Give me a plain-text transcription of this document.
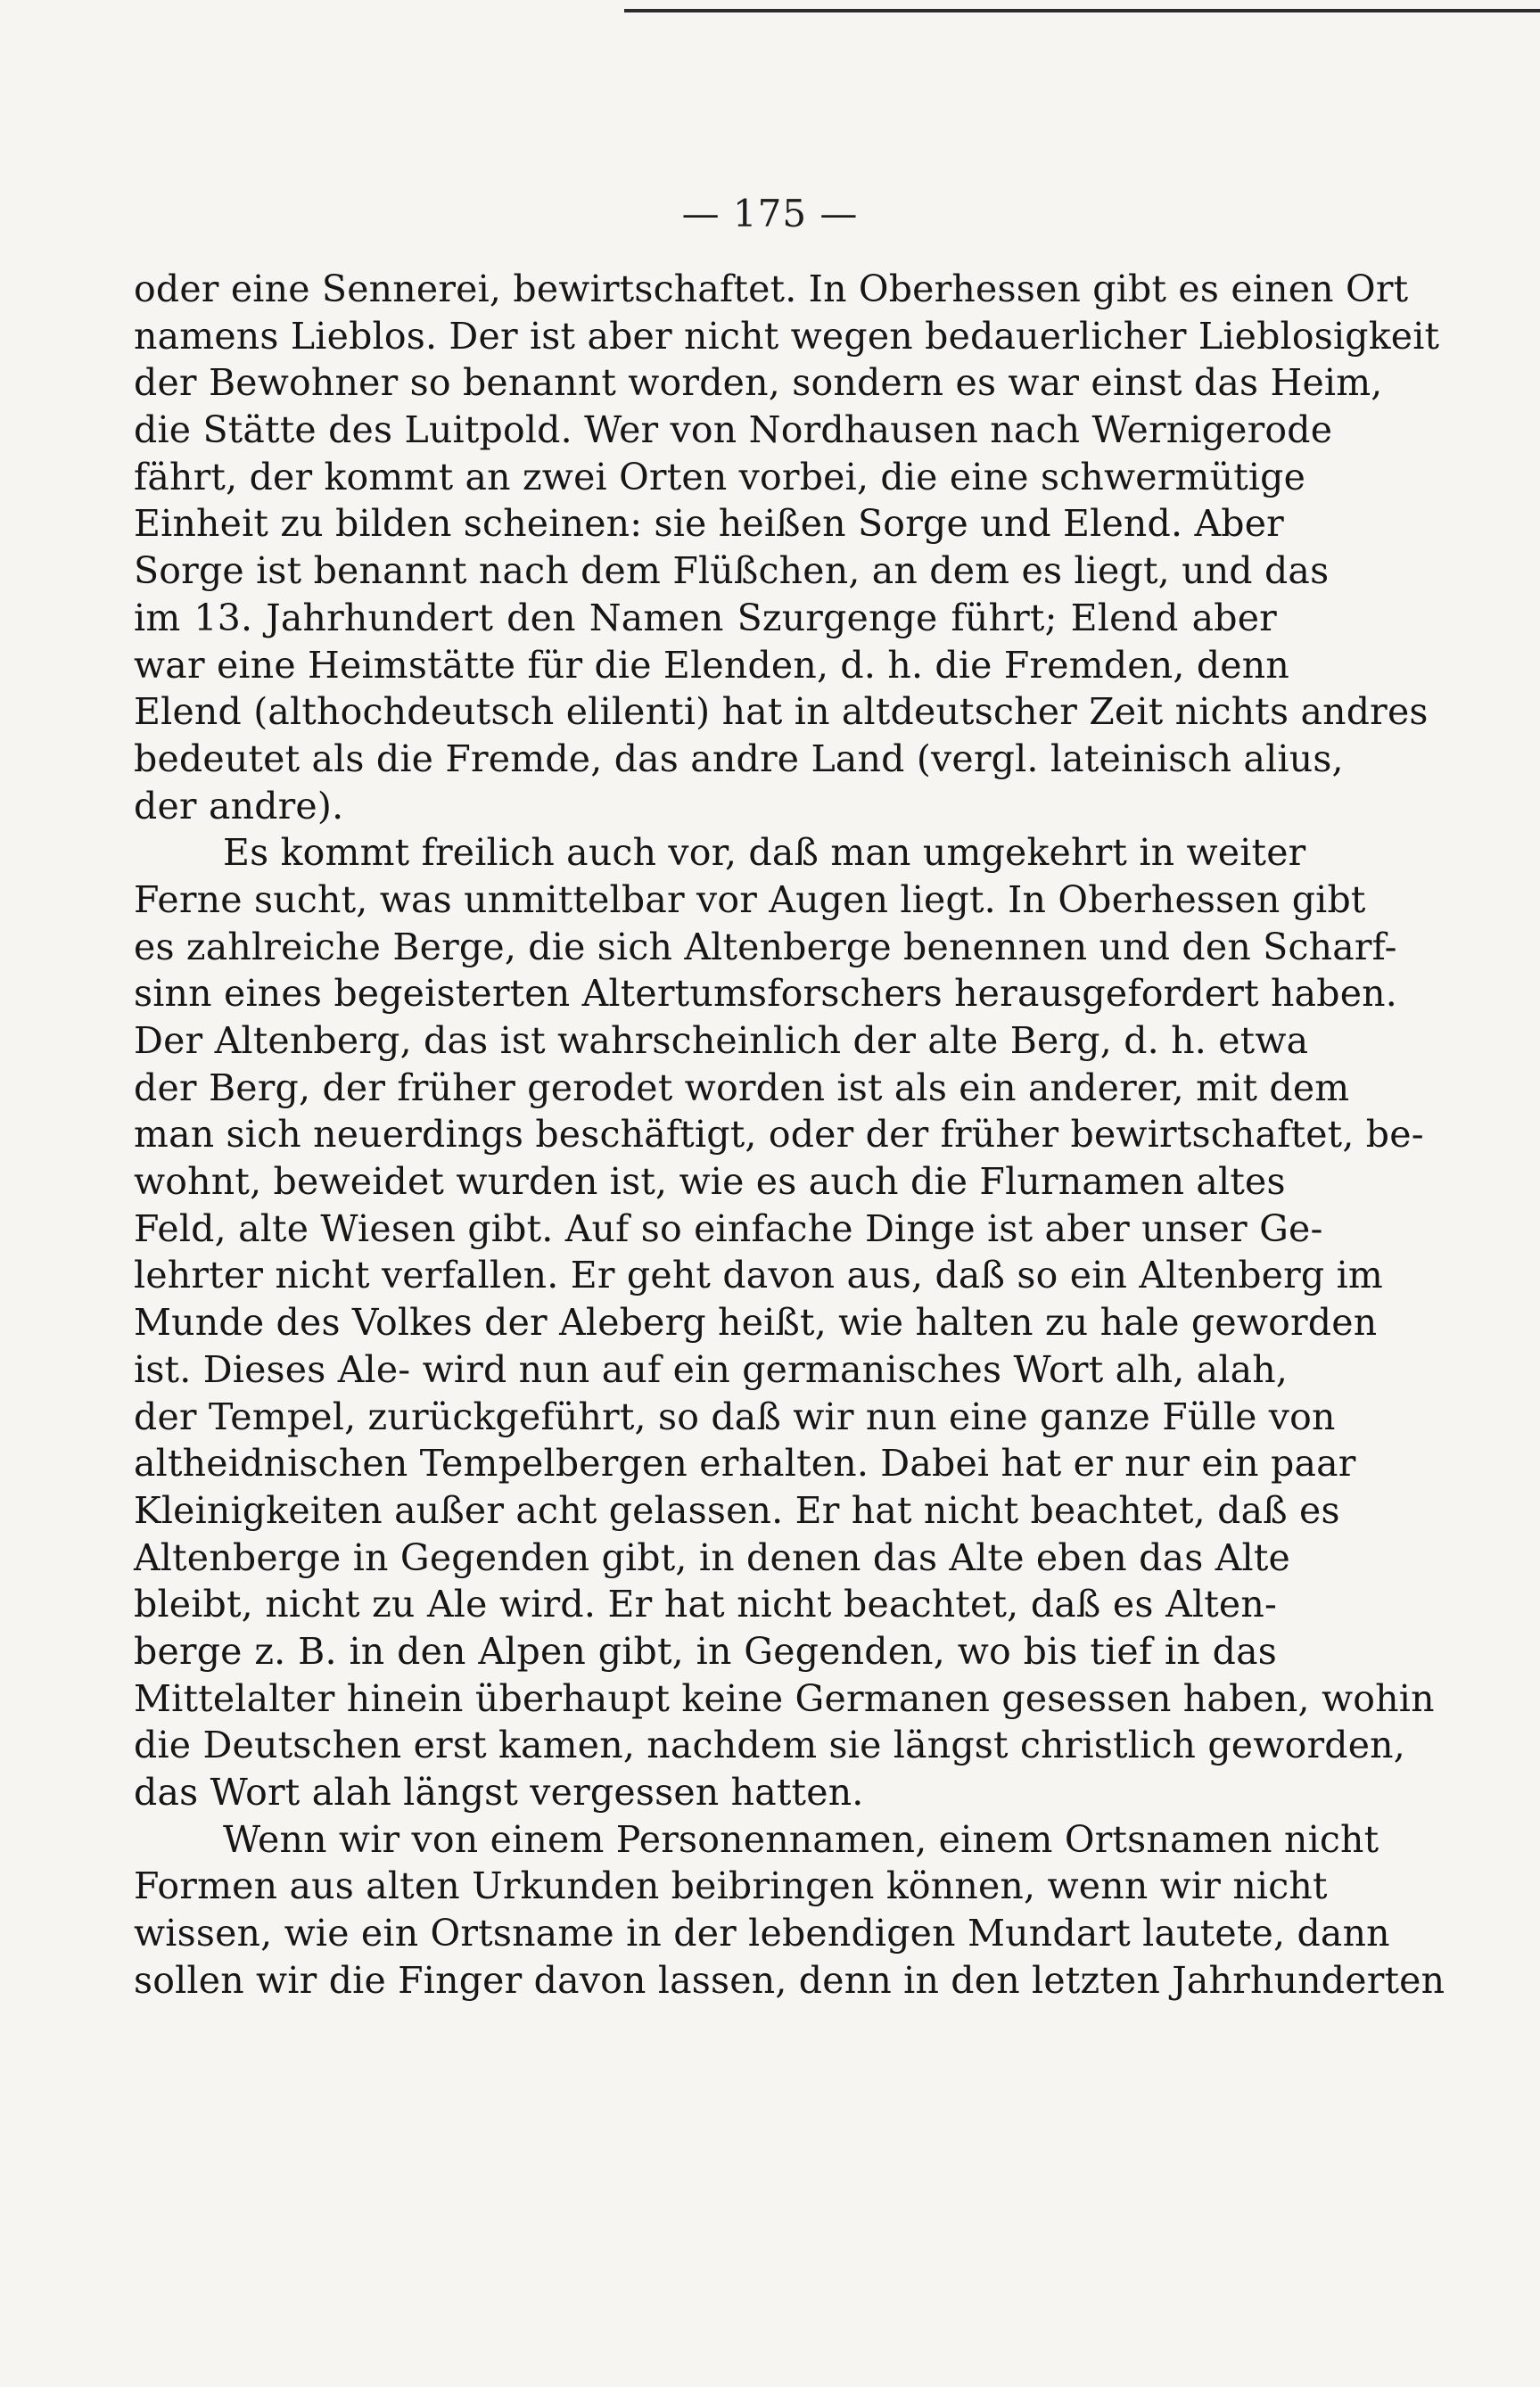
— 175 —
oder eine Sennerei, bewirtschaftet. In Oberhessen gibt es einen Ort
namens Lieblos. Der ist aber nicht wegen bedauerlicher Lieblosigkeit
der Bewohner so benannt worden, sondern es war einst das Heim,
die Stätte des Luitpold. Wer von Nordhausen nach Wernigerode
fährt, der kommt an zwei Orten vorbei, die eine schwermütige
Einheit zu bilden scheinen: sie heißen Sorge und Elend. Aber
Sorge ist benannt nach dem Flüßchen, an dem es liegt, und das
im 13. Jahrhundert den Namen Szurgenge führt; Elend aber
war eine Heimstätte für die Elenden, d. h. die Fremden, denn
Elend (althochdeutsch elilenti) hat in altdeutscher Zeit nichts andres
bedeutet als die Fremde, das andre Land (vergl. lateinisch alius,
der andre).
Es kommt freilich auch vor, daß man umgekehrt in weiter
Ferne sucht, was unmittelbar vor Augen liegt. In Oberhessen gibt
es zahlreiche Berge, die sich Altenberge benennen und den Scharf-
sinn eines begeisterten Altertumsforschers herausgefordert haben.
Der Altenberg, das ist wahrscheinlich der alte Berg, d. h. etwa
der Berg, der früher gerodet worden ist als ein anderer, mit dem
man sich neuerdings beschäftigt, oder der früher bewirtschaftet, be-
wohnt, beweidet wurden ist, wie es auch die Flurnamen altes
Feld, alte Wiesen gibt. Auf so einfache Dinge ist aber unser Ge-
lehrter nicht verfallen. Er geht davon aus, daß so ein Altenberg im
Munde des Volkes der Aleberg heißt, wie halten zu hale geworden
ist. Dieses Ale- wird nun auf ein germanisches Wort alh, alah,
der Tempel, zurückgeführt, so daß wir nun eine ganze Fülle von
altheidnischen Tempelbergen erhalten. Dabei hat er nur ein paar
Kleinigkeiten außer acht gelassen. Er hat nicht beachtet, daß es
Altenberge in Gegenden gibt, in denen das Alte eben das Alte
bleibt, nicht zu Ale wird. Er hat nicht beachtet, daß es Alten-
berge z. B. in den Alpen gibt, in Gegenden, wo bis tief in das
Mittelalter hinein überhaupt keine Germanen gesessen haben, wohin
die Deutschen erst kamen, nachdem sie längst christlich geworden,
das Wort alah längst vergessen hatten.
Wenn wir von einem Personennamen, einem Ortsnamen nicht
Formen aus alten Urkunden beibringen können, wenn wir nicht
wissen, wie ein Ortsname in der lebendigen Mundart lautete, dann
sollen wir die Finger davon lassen, denn in den letzten Jahrhunderten
